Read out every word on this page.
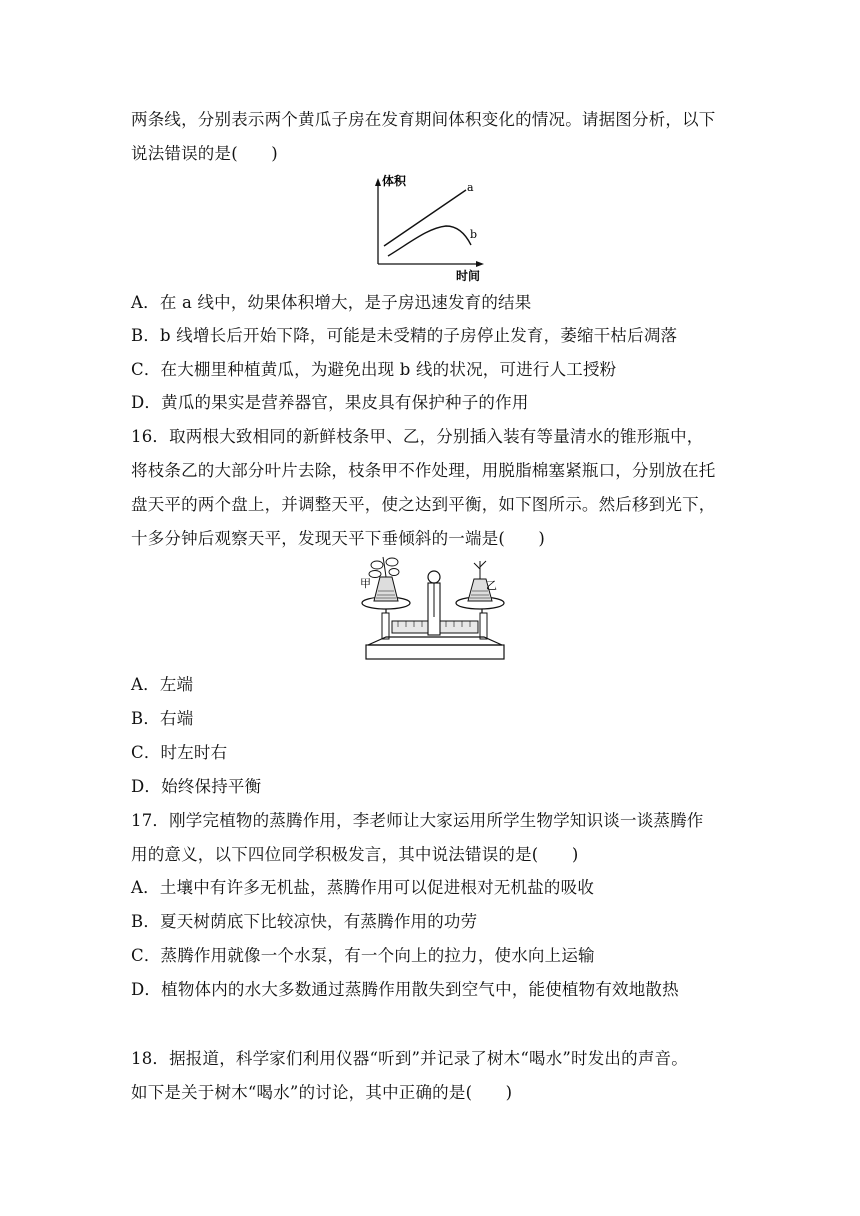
两条线，分别表示两个黄瓜子房在发育期间体积变化的情况。请据图分析，以下
说法错误的是(　　)
体积
时间
a
b
A．在 a 线中，幼果体积增大，是子房迅速发育的结果
B．b 线增长后开始下降，可能是未受精的子房停止发育，萎缩干枯后凋落
C．在大棚里种植黄瓜，为避免出现 b 线的状况，可进行人工授粉
D．黄瓜的果实是营养器官，果皮具有保护种子的作用
16．取两根大致相同的新鲜枝条甲、乙，分别插入装有等量清水的锥形瓶中，
将枝条乙的大部分叶片去除，枝条甲不作处理，用脱脂棉塞紧瓶口，分别放在托
盘天平的两个盘上，并调整天平，使之达到平衡，如下图所示。然后移到光下，
十多分钟后观察天平，发现天平下垂倾斜的一端是(　　)
甲	乙
A．左端
B．右端
C．时左时右
D．始终保持平衡
17．刚学完植物的蒸腾作用，李老师让大家运用所学生物学知识谈一谈蒸腾作
用的意义，以下四位同学积极发言，其中说法错误的是(　　)
A．土壤中有许多无机盐，蒸腾作用可以促进根对无机盐的吸收
B．夏天树荫底下比较凉快，有蒸腾作用的功劳
C．蒸腾作用就像一个水泵，有一个向上的拉力，使水向上运输
D．植物体内的水大多数通过蒸腾作用散失到空气中，能使植物有效地散热
18．据报道，科学家们利用仪器“听到”并记录了树木“喝水”时发出的声音。
如下是关于树木“喝水”的讨论，其中正确的是(　　)
